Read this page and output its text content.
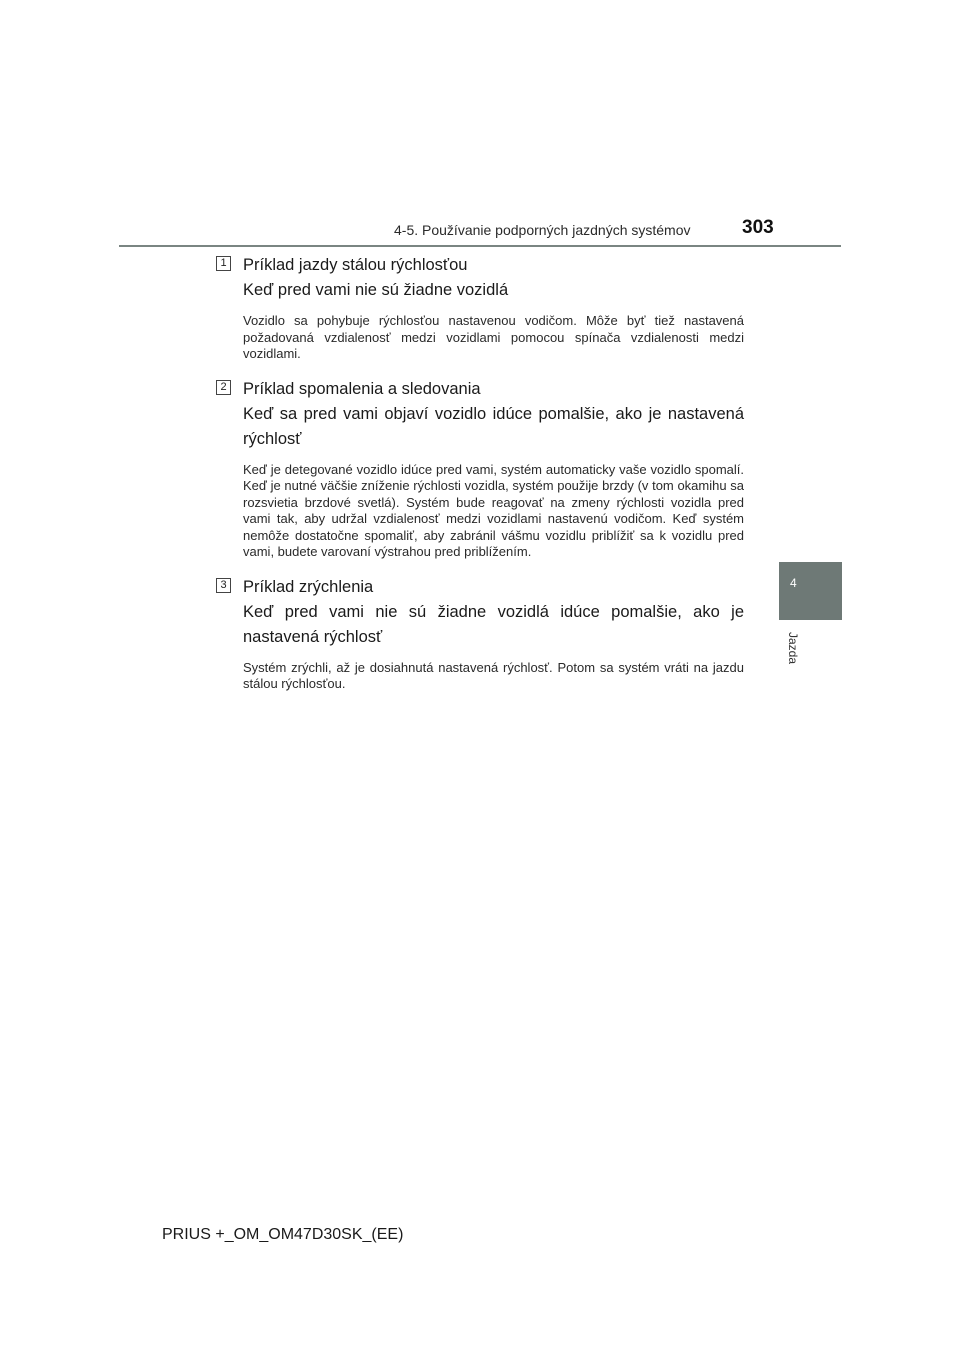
4-5. Používanie podporných jazdných systémov	303
4
Jazda
1 Príklad jazdy stálou rýchlosťou
Keď pred vami nie sú žiadne vozidlá
Vozidlo sa pohybuje rýchlosťou nastavenou vodičom. Môže byť tiež nastavená požadovaná vzdialenosť medzi vozidlami pomocou spínača vzdialenosti medzi vozidlami.
2 Príklad spomalenia a sledovania
Keď sa pred vami objaví vozidlo idúce pomalšie, ako je nastavená rýchlosť
Keď je detegované vozidlo idúce pred vami, systém automaticky vaše vozidlo spomalí. Keď je nutné väčšie zníženie rýchlosti vozidla, systém použije brzdy (v tom okamihu sa rozsvietia brzdové svetlá). Systém bude reagovať na zmeny rýchlosti vozidla pred vami tak, aby udržal vzdialenosť medzi vozidlami nastavenú vodičom. Keď systém nemôže dostatočne spomaliť, aby zabránil vášmu vozidlu priblížiť sa k vozidlu pred vami, budete varovaní výstrahou pred priblížením.
3 Príklad zrýchlenia
Keď pred vami nie sú žiadne vozidlá idúce pomalšie, ako je nastavená rýchlosť
Systém zrýchli, až je dosiahnutá nastavená rýchlosť. Potom sa systém vráti na jazdu stálou rýchlosťou.
PRIUS +_OM_OM47D30SK_(EE)
